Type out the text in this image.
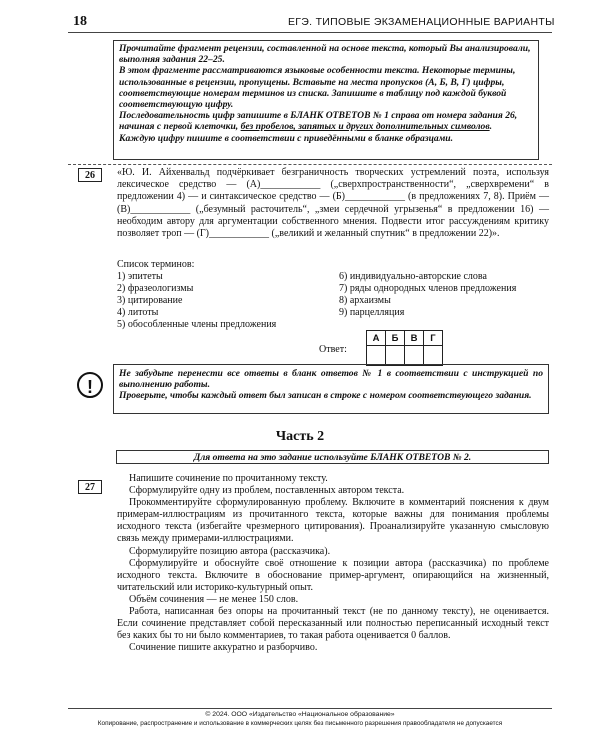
18	ЕГЭ. ТИПОВЫЕ ЭКЗАМЕНАЦИОННЫЕ ВАРИАНТЫ

Прочитайте фрагмент рецензии, составленной на основе текста, который Вы анализировали, выполняя задания 22–25.

В этом фрагменте рассматриваются языковые особенности текста. Некоторые термины, использованные в рецензии, пропущены. Вставьте на места пропусков (А, Б, В, Г) цифры, соответствующие номерам терминов из списка. Запишите в таблицу под каждой буквой соответствующую цифру.

Последовательность цифр запишите в БЛАНК ОТВЕТОВ № 1 справа от номера задания 26, начиная с первой клеточки, без пробелов, запятых и других дополнительных символов.

Каждую цифру пишите в соответствии с приведёнными в бланке образцами.

26	«Ю. И. Айхенвальд подчёркивает безграничность творческих устремлений поэта, используя лексическое средство — (А)____________ („сверхпространственности“, „сверхвремени“ в предложении 4) — и синтаксическое средство — (Б)____________ (в предложениях 7, 8). Приём — (В)____________ („безумный расточитель“, „змеи сердечной угрызенья“ в предложении 16) — необходим автору для аргументации собственного мнения. Подвести итог рассуждениям критику позволяет троп — (Г)____________ („великий и желанный спутник“ в предложении 22)».

Список терминов:
1) эпитеты
2) фразеологизмы
3) цитирование
4) литоты
5) обособленные члены предложения
6) индивидуально-авторские слова
7) ряды однородных членов предложения
8) архаизмы
9) парцелляция
Ответ:
А	Б	В	Г

!

Не забудьте перенести все ответы в бланк ответов № 1 в соответствии с инструкцией по выполнению работы.

Проверьте, чтобы каждый ответ был записан в строке с номером соответствующего задания.

Часть 2
Для ответа на это задание используйте БЛАНК ОТВЕТОВ № 2.
27

Напишите сочинение по прочитанному тексту.

Сформулируйте одну из проблем, поставленных автором текста.

Прокомментируйте сформулированную проблему. Включите в комментарий пояснения к двум примерам-иллюстрациям из прочитанного текста, которые важны для понимания проблемы исходного текста (избегайте чрезмерного цитирования). Проанализируйте указанную смысловую связь между примерами-иллюстрациями.

Сформулируйте позицию автора (рассказчика).

Сформулируйте и обоснуйте своё отношение к позиции автора (рассказчика) по проблеме исходного текста. Включите в обоснование пример-аргумент, опирающийся на жизненный, читательский или историко-культурный опыт.

Объём сочинения — не менее 150 слов.

Работа, написанная без опоры на прочитанный текст (не по данному тексту), не оценивается. Если сочинение представляет собой пересказанный или полностью переписанный исходный текст без каких бы то ни было комментариев, то такая работа оценивается 0 баллов.

Сочинение пишите аккуратно и разборчиво.

© 2024. ООО «Издательство «Национальное образование»
Копирование, распространение и использование в коммерческих целях без письменного разрешения правообладателя не допускается
